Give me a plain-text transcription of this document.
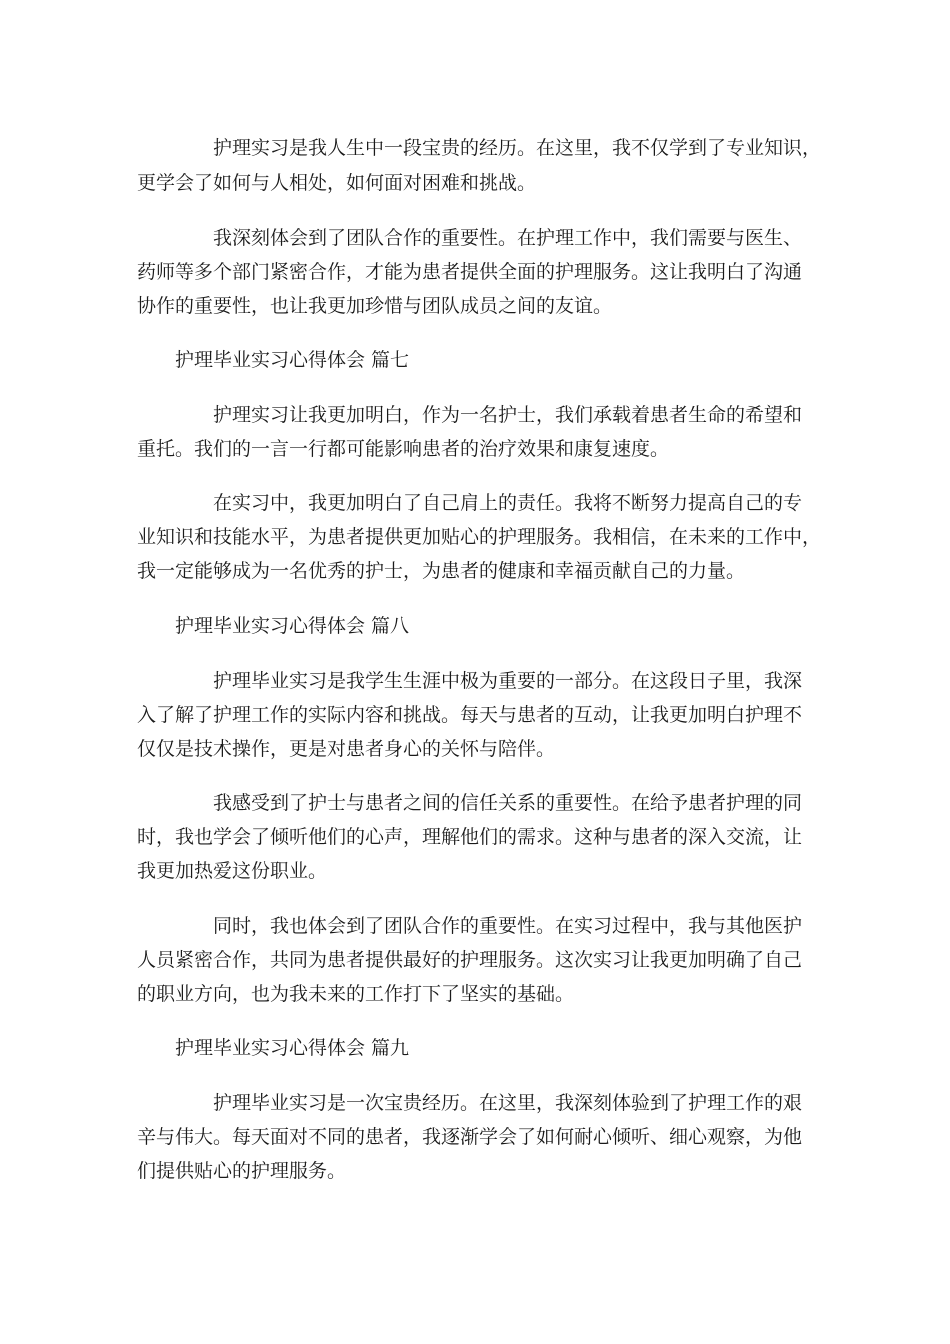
护理实习是我人生中一段宝贵的经历。在这里，我不仅学到了专业知识，
更学会了如何与人相处，如何面对困难和挑战。
我深刻体会到了团队合作的重要性。在护理工作中，我们需要与医生、
药师等多个部门紧密合作，才能为患者提供全面的护理服务。这让我明白了沟通
协作的重要性，也让我更加珍惜与团队成员之间的友谊。
护理毕业实习心得体会 篇七
护理实习让我更加明白，作为一名护士，我们承载着患者生命的希望和
重托。我们的一言一行都可能影响患者的治疗效果和康复速度。
在实习中，我更加明白了自己肩上的责任。我将不断努力提高自己的专
业知识和技能水平，为患者提供更加贴心的护理服务。我相信，在未来的工作中，
我一定能够成为一名优秀的护士，为患者的健康和幸福贡献自己的力量。
护理毕业实习心得体会 篇八
护理毕业实习是我学生生涯中极为重要的一部分。在这段日子里，我深
入了解了护理工作的实际内容和挑战。每天与患者的互动，让我更加明白护理不
仅仅是技术操作，更是对患者身心的关怀与陪伴。
我感受到了护士与患者之间的信任关系的重要性。在给予患者护理的同
时，我也学会了倾听他们的心声，理解他们的需求。这种与患者的深入交流，让
我更加热爱这份职业。
同时，我也体会到了团队合作的重要性。在实习过程中，我与其他医护
人员紧密合作，共同为患者提供最好的护理服务。这次实习让我更加明确了自己
的职业方向，也为我未来的工作打下了坚实的基础。
护理毕业实习心得体会 篇九
护理毕业实习是一次宝贵经历。在这里，我深刻体验到了护理工作的艰
辛与伟大。每天面对不同的患者，我逐渐学会了如何耐心倾听、细心观察，为他
们提供贴心的护理服务。
